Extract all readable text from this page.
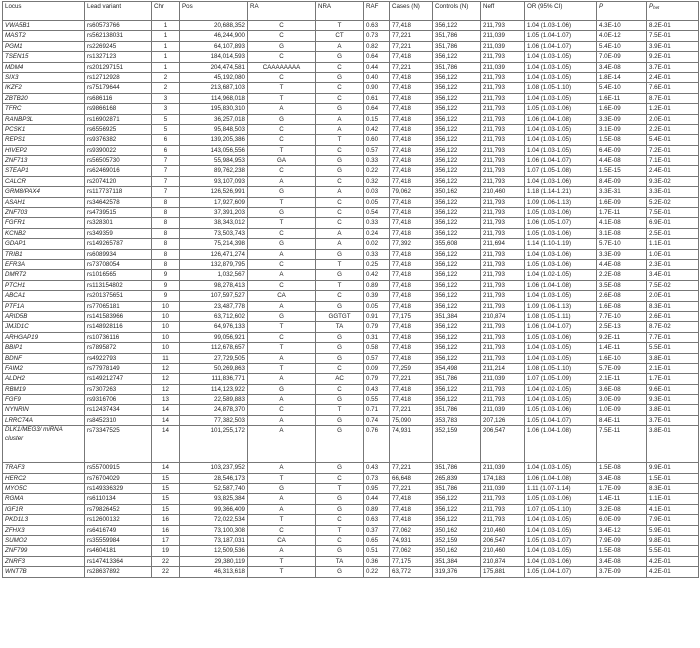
Locus	Lead variant	Chr	Pos	RA	NRA	RAF	Cases (N)	Controls (N)	Neff	OR (95% CI)	P	$P_{het}$
VWA5B1	rs60573766	1	20,688,352	C	T	0.63	77,418	356,122	211,793	1.04 (1.03-1.06)	4.3E-10	8.2E-01
MAST2	rs56213803​1	1	46,244,900	C	CT	0.73	77,221	351,786	211,039	1.05 (1.04-1.07)	4.0E-12	7.5E-01
PGM1	rs2269245	1	64,107,893	G	A	0.82	77,221	351,786	211,039	1.06 (1.04-1.07)	5.4E-10	3.9E-01
TSEN15	rs1327123	1	184,014,593	C	G	0.64	77,418	356,122	211,793	1.04 (1.03-1.05)	7.0E-09	9.2E-01
MDM4	rs201297151	1	204,474,581	CAAAAAAAA	C	0.44	77,221	351,786	211,039	1.04 (1.03-1.05)	3.4E-08	3.7E-01
SIX3	rs12712928	2	45,192,080	C	G	0.40	77,418	356,122	211,793	1.04 (1.03-1.05)	1.8E-14	2.4E-01
IKZF2	rs75179644	2	213,687,103	T	C	0.90	77,418	356,122	211,793	1.08 (1.05-1.10)	5.4E-10	7.6E-01
ZBTB20	rs686116	3	114,968,018	T	C	0.61	77,418	356,122	211,793	1.04 (1.03-1.05)	1.6E-11	8.7E-01
TFRC	rs9866168	3	195,830,310	A	G	0.64	77,418	356,122	211,793	1.05 (1.03-1.06)	1.6E-09	1.2E-01
RANBP3L	rs16902871	5	36,257,018	G	A	0.15	77,418	356,122	211,793	1.06 (1.04-1.08)	3.3E-09	2.0E-01
PCSK1	rs6556925	5	95,848,503	C	A	0.42	77,418	356,122	211,793	1.04 (1.03-1.05)	3.1E-09	2.2E-01
REPS1	rs9376382	6	139,205,386	C	T	0.60	77,418	356,122	211,793	1.04 (1.03-1.05)	1.5E-08	5.4E-01
HIVEP2	rs9390022	6	143,056,556	T	C	0.57	77,418	356,122	211,793	1.04 (1.03-1.05)	6.4E-09	7.2E-01
ZNF713	rs56505730	7	55,984,953	GA	G	0.33	77,418	356,122	211,793	1.06 (1.04-1.07)	4.4E-08	7.1E-01
STEAP1	rs62469016	7	89,762,238	C	G	0.22	77,418	356,122	211,793	1.07 (1.05-1.08)	1.5E-15	2.4E-01
CALCR	rs2074120	7	93,107,093	A	C	0.32	77,418	356,122	211,793	1.04 (1.03-1.06)	8.4E-09	9.3E-02
GRM8/PAX4	rs117737118	7	126,526,991	G	A	0.03	79,062	350,162	210,460	1.18 (1.14-1.21)	3.3E-31	3.3E-01
ASAH1	rs34642578	8	17,927,609	T	C	0.05	77,418	356,122	211,793	1.09 (1.06-1.13)	1.6E-09	5.2E-02
ZNF703	rs4739515	8	37,391,203	G	C	0.54	77,418	356,122	211,793	1.05 (1.03-1.06)	1.7E-11	7.5E-01
FGFR1	rs328301	8	38,343,012	T	C	0.33	77,418	356,122	211,793	1.06 (1.05-1.07)	4.1E-08	6.9E-01
KCNB2	rs349359	8	73,503,743	C	A	0.24	77,418	356,122	211,793	1.05 (1.03-1.06)	3.1E-08	2.5E-01
GDAP1	rs149265787	8	75,214,398	G	A	0.02	77,392	355,608	211,694	1.14 (1.10-1.19)	5.7E-10	1.1E-01
TRIB1	rs6089934	8	126,471,274	A	G	0.33	77,418	356,122	211,793	1.04 (1.03-1.06)	3.3E-09	1.0E-01
EFR3A	rs73708054	8	132,879,795	C	T	0.25	77,418	356,122	211,793	1.05 (1.03-1.06)	4.4E-08	2.3E-01
DMRT2	rs1016565	9	1,032,567	A	G	0.42	77,418	356,122	211,793	1.04 (1.02-1.05)	2.2E-08	3.4E-01
PTCH1	rs113154802	9	98,278,413	C	T	0.89	77,418	356,122	211,793	1.06 (1.04-1.08)	3.5E-08	7.5E-02
ABCA1	rs201375651	9	107,597,527	CA	C	0.39	77,418	356,122	211,793	1.04 (1.03-1.05)	2.6E-08	2.0E-01
PTF1A	rs77065181	10	23,487,778	A	G	0.05	77,418	356,122	211,793	1.09 (1.06-1.13)	1.6E-08	8.3E-01
ARID5B	rs141583966	10	63,712,602	G	GGTGT	0.91	77,175	351,384	210,874	1.08 (1.05-1.11)	7.7E-10	2.6E-01
JMJD1C	rs148928116	10	64,976,133	T	TA	0.79	77,418	356,122	211,793	1.06 (1.04-1.07)	2.5E-13	8.7E-02
ARHGAP19	rs10736116	10	99,056,921	C	G	0.31	77,418	356,122	211,793	1.05 (1.03-1.06)	9.2E-11	7.7E-01
BBIP1	rs7895872	10	112,678,657	T	G	0.58	77,418	356,122	211,793	1.04 (1.03-1.05)	1.4E-11	5.5E-01
BDNF	rs4922793	11	27,729,505	A	G	0.57	77,418	356,122	211,793	1.04 (1.03-1.05)	1.6E-10	3.8E-01
FAIM2	rs77978149	12	50,269,863	T	C	0.09	77,259	354,498	211,214	1.08 (1.05-1.10)	5.7E-09	2.1E-01
ALDH2	rs149212747	12	111,836,771	A	AC	0.79	77,221	351,786	211,039	1.07 (1.05-1.09)	2.1E-11	1.7E-01
RBM19	rs7307263	12	114,123,922	G	C	0.43	77,418	356,122	211,793	1.04 (1.02-1.05)	3.6E-08	9.6E-01
FGF9	rs9316706	13	22,589,883	A	G	0.55	77,418	356,122	211,793	1.04 (1.03-1.05)	3.0E-09	9.3E-01
NYNRIN	rs12437434	14	24,878,370	C	T	0.71	77,221	351,786	211,039	1.05 (1.03-1.06)	1.0E-09	3.8E-01
LRRC74A	rs8452310	14	77,382,503	A	G	0.74	75,090	353,783	207,126	1.05 (1.04-1.07)	8.4E-11	3.7E-01
DLK1/MEG3/ miRNA cluster	rs73347525	14	101,255,172	A	G	0.76	74,931	352,159	206,547	1.06 (1.04-1.08)	7.5E-11	3.8E-01
TRAF3	rs55700915	14	103,237,952	A	G	0.43	77,221	351,786	211,039	1.04 (1.03-1.05)	1.5E-08	9.9E-01
HERC2	rs76704029	15	28,546,173	T	C	0.73	66,648	265,839	174,183	1.06 (1.04-1.08)	3.4E-08	1.5E-01
MYO5C	rs149336329	15	52,587,740	G	T	0.95	77,221	351,786	211,039	1.11 (1.07-1.14)	1.7E-09	8.3E-01
RGMA	rs6110134	15	93,825,384	A	G	0.44	77,418	356,122	211,793	1.05 (1.03-1.06)	1.4E-11	1.1E-01
IGF1R	rs79826452	15	99,366,409	A	G	0.89	77,418	356,122	211,793	1.07 (1.05-1.10)	3.2E-08	4.1E-01
PKD1L3	rs12600132	16	72,022,534	T	C	0.63	77,418	356,122	211,793	1.04 (1.03-1.05)	6.0E-09	7.9E-01
ZFHX3	rs6416749	16	73,100,308	C	T	0.37	77,062	350,162	210,460	1.04 (1.03-1.05)	3.4E-12	5.9E-01
SUMO2	rs35559984	17	73,187,031	CA	C	0.65	74,931	352,159	206,547	1.05 (1.03-1.07)	7.9E-09	9.8E-01
ZNF799	rs4604181	19	12,509,536	A	G	0.51	77,062	350,162	210,460	1.04 (1.03-1.05)	1.5E-08	5.5E-01
ZNRF3	rs147413364	22	29,380,119	T	TA	0.36	77,175	351,384	210,874	1.04 (1.03-1.06)	3.4E-08	4.2E-01
WNT7B	rs28637892	22	46,313,618	T	G	0.22	63,772	319,376	175,881	1.05 (1.04-1.07)	3.7E-09	4.2E-01
